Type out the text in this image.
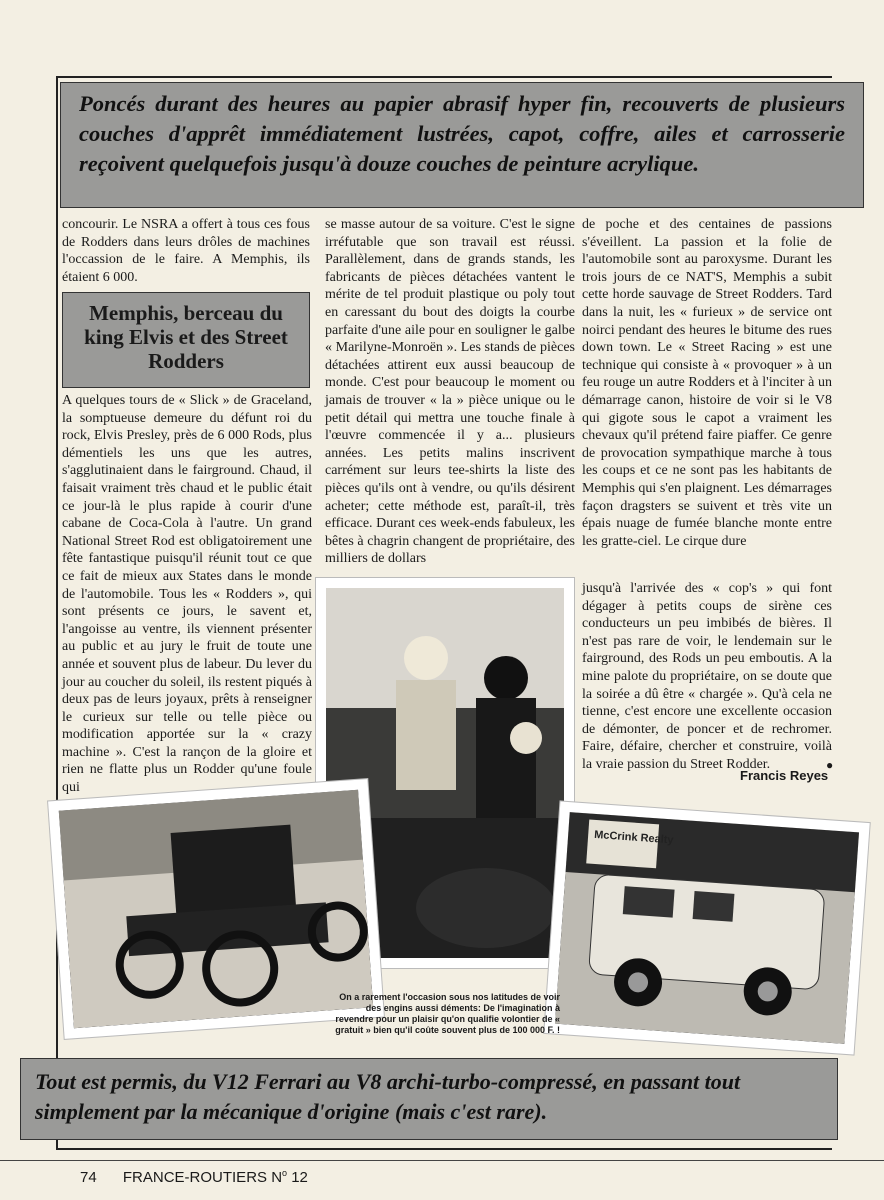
Poncés durant des heures au papier abrasif hyper fin, recouverts de plusieurs couches d'apprêt immédiatement lustrées, capot, coffre, ailes et carrosserie reçoivent quelquefois jusqu'à douze couches de peinture acrylique.

concourir. Le NSRA a offert à tous ces fous de Rodders dans leurs drôles de machines l'occassion de le faire. A Memphis, ils étaient 6 000.

Memphis, berceau du king Elvis et des Street Rodders

A quelques tours de « Slick » de Graceland, la somptueuse demeure du défunt roi du rock, Elvis Presley, près de 6 000 Rods, plus démentiels les uns que les autres, s'agglutinaient dans le fairground. Chaud, il faisait vraiment très chaud et le public était ce jour-là le plus rapide à courir d'une cabane de Coca-Cola à l'autre. Un grand National Street Rod est obligatoirement une fête fantastique puisqu'il réunit tout ce que ce fait de mieux aux States dans le monde de l'automobile. Tous les « Rodders », qui sont présents ce jours, le savent et, l'angoisse au ventre, ils viennent présenter au public et au jury le fruit de toute une année et souvent plus de labeur. Du lever du jour au coucher du soleil, ils restent piqués à deux pas de leurs joyaux, prêts à renseigner le curieux sur telle ou telle pièce ou modification apportée sur la « crazy machine ». C'est la rançon de la gloire et rien ne flatte plus un Rodder qu'une foule qui

se masse autour de sa voiture. C'est le signe irréfutable que son travail est réussi. Parallèlement, dans de grands stands, les fabricants de pièces détachées vantent le mérite de tel produit plastique ou poly tout en caressant du bout des doigts la courbe parfaite d'une aile pour en souligner le galbe « Marilyne-Monroën ». Les stands de pièces détachées attirent eux aussi beaucoup de monde. C'est pour beaucoup le moment ou jamais de trouver « la » pièce unique ou le petit détail qui mettra une touche finale à l'œuvre commencée il y a... plusieurs années. Les petits malins inscrivent carrément sur leurs tee-shirts la liste des pièces qu'ils ont à vendre, ou qu'ils désirent acheter; cette méthode est, paraît-il, très efficace. Durant ces week-ends fabuleux, les bêtes à chagrin changent de propriétaire, des milliers de dollars

de poche et des centaines de passions s'éveillent. La passion et la folie de l'automobile sont au paroxysme. Durant les trois jours de ce NAT'S, Memphis a subit cette horde sauvage de Street Rodders. Tard dans la nuit, les « furieux » de service ont noirci pendant des heures le bitume des rues down town. Le « Street Racing » est une technique qui consiste à « provoquer » à un feu rouge un autre Rodders et à l'inciter à un démarrage canon, histoire de voir si le V8 qui gigote sous le capot a vraiment les chevaux qu'il prétend faire piaffer. Ce genre de provocation sympathique marche à tous les coups et ce ne sont pas les habitants de Memphis qui s'en plaignent. Les démarrages façon dragsters se suivent et très vite un épais nuage de fumée blanche monte entre les gratte-ciel. Le cirque dure

jusqu'à l'arrivée des « cop's » qui font dégager à petits coups de sirène ces conducteurs un peu imbibés de bières. Il n'est pas rare de voir, le lendemain sur le fairground, des Rods un peu emboutis. A la mine palote du propriétaire, on se doute que la soirée a dû être « chargée ». Qu'à cela ne tienne, c'est encore une excellente occasion de démonter, de poncer et de rechromer. Faire, défaire, chercher et construire, voilà la vraie passion du Street Rodder.

Francis Reyes
●
McCrink Realty
On a rarement l'occasion sous nos latitudes de voir des engins aussi déments: De l'imagination à revendre pour un plaisir qu'on qualifie volontier de « gratuit » bien qu'il coûte souvent plus de 100 000 F. !
Tout est permis, du V12 Ferrari au V8 archi-turbo-compressé, en passant tout simplement par la mécanique d'origine (mais c'est rare).
74 FRANCE-ROUTIERS $N^o$ 12
